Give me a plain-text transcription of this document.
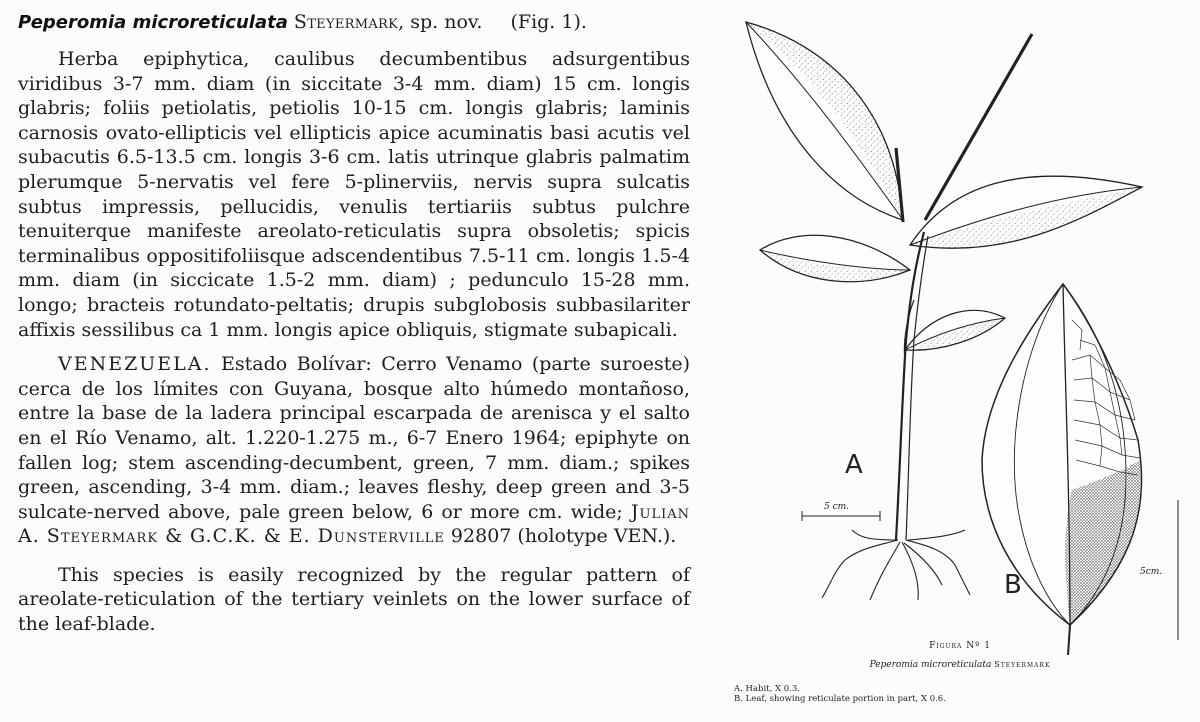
Peperomia microreticulata Steyermark, sp. nov. (Fig. 1).

Herba epiphytica, caulibus decumbentibus adsurgentibus viridibus 3-7 mm. diam (in siccitate 3-4 mm. diam) 15 cm. longis glabris; foliis petiolatis, petiolis 10-15 cm. longis glabris; laminis carnosis ovato-ellipticis vel ellipticis apice acuminatis basi acutis vel subacutis 6.5-13.5 cm. longis 3-6 cm. latis utrinque glabris palmatim plerumque 5-nervatis vel fere 5-plinerviis, nervis supra sulcatis subtus impressis, pellucidis, venulis tertiariis subtus pulchre tenuiterque manifeste areolato-reticulatis supra obsoletis; spicis terminalibus oppositifoliisque adscendentibus 7.5-11 cm. longis 1.5-4 mm. diam (in siccicate 1.5-2 mm. diam) ; pedunculo 15-28 mm. longo; bracteis rotundato-peltatis; drupis subglobosis subbasilariter affixis sessilibus ca 1 mm. longis apice obliquis, stigmate subapicali.

VENEZUELA. Estado Bolívar: Cerro Venamo (parte suroeste) cerca de los límites con Guyana, bosque alto húmedo montañoso, entre la base de la ladera principal escarpada de arenisca y el salto en el Río Venamo, alt. 1.220-1.275 m., 6-7 Enero 1964; epiphyte on fallen log; stem ascending-decumbent, green, 7 mm. diam.; spikes green, ascending, 3-4 mm. diam.; leaves fleshy, deep green and 3-5 sulcate-nerved above, pale green below, 6 or more cm. wide; Julian A. Steyermark & G.C.K. & E. Dunsterville 92807 (holotype VEN.).

This species is easily recognized by the regular pattern of areolate-reticulation of the tertiary veinlets on the lower surface of the leaf-blade.

A
B
5 cm.
5cm.
Figura Nº 1
Peperomia microreticulata Steyermark
A. Habit, X 0.3.
B. Leaf, showing reticulate portion in part, X 0.6.
